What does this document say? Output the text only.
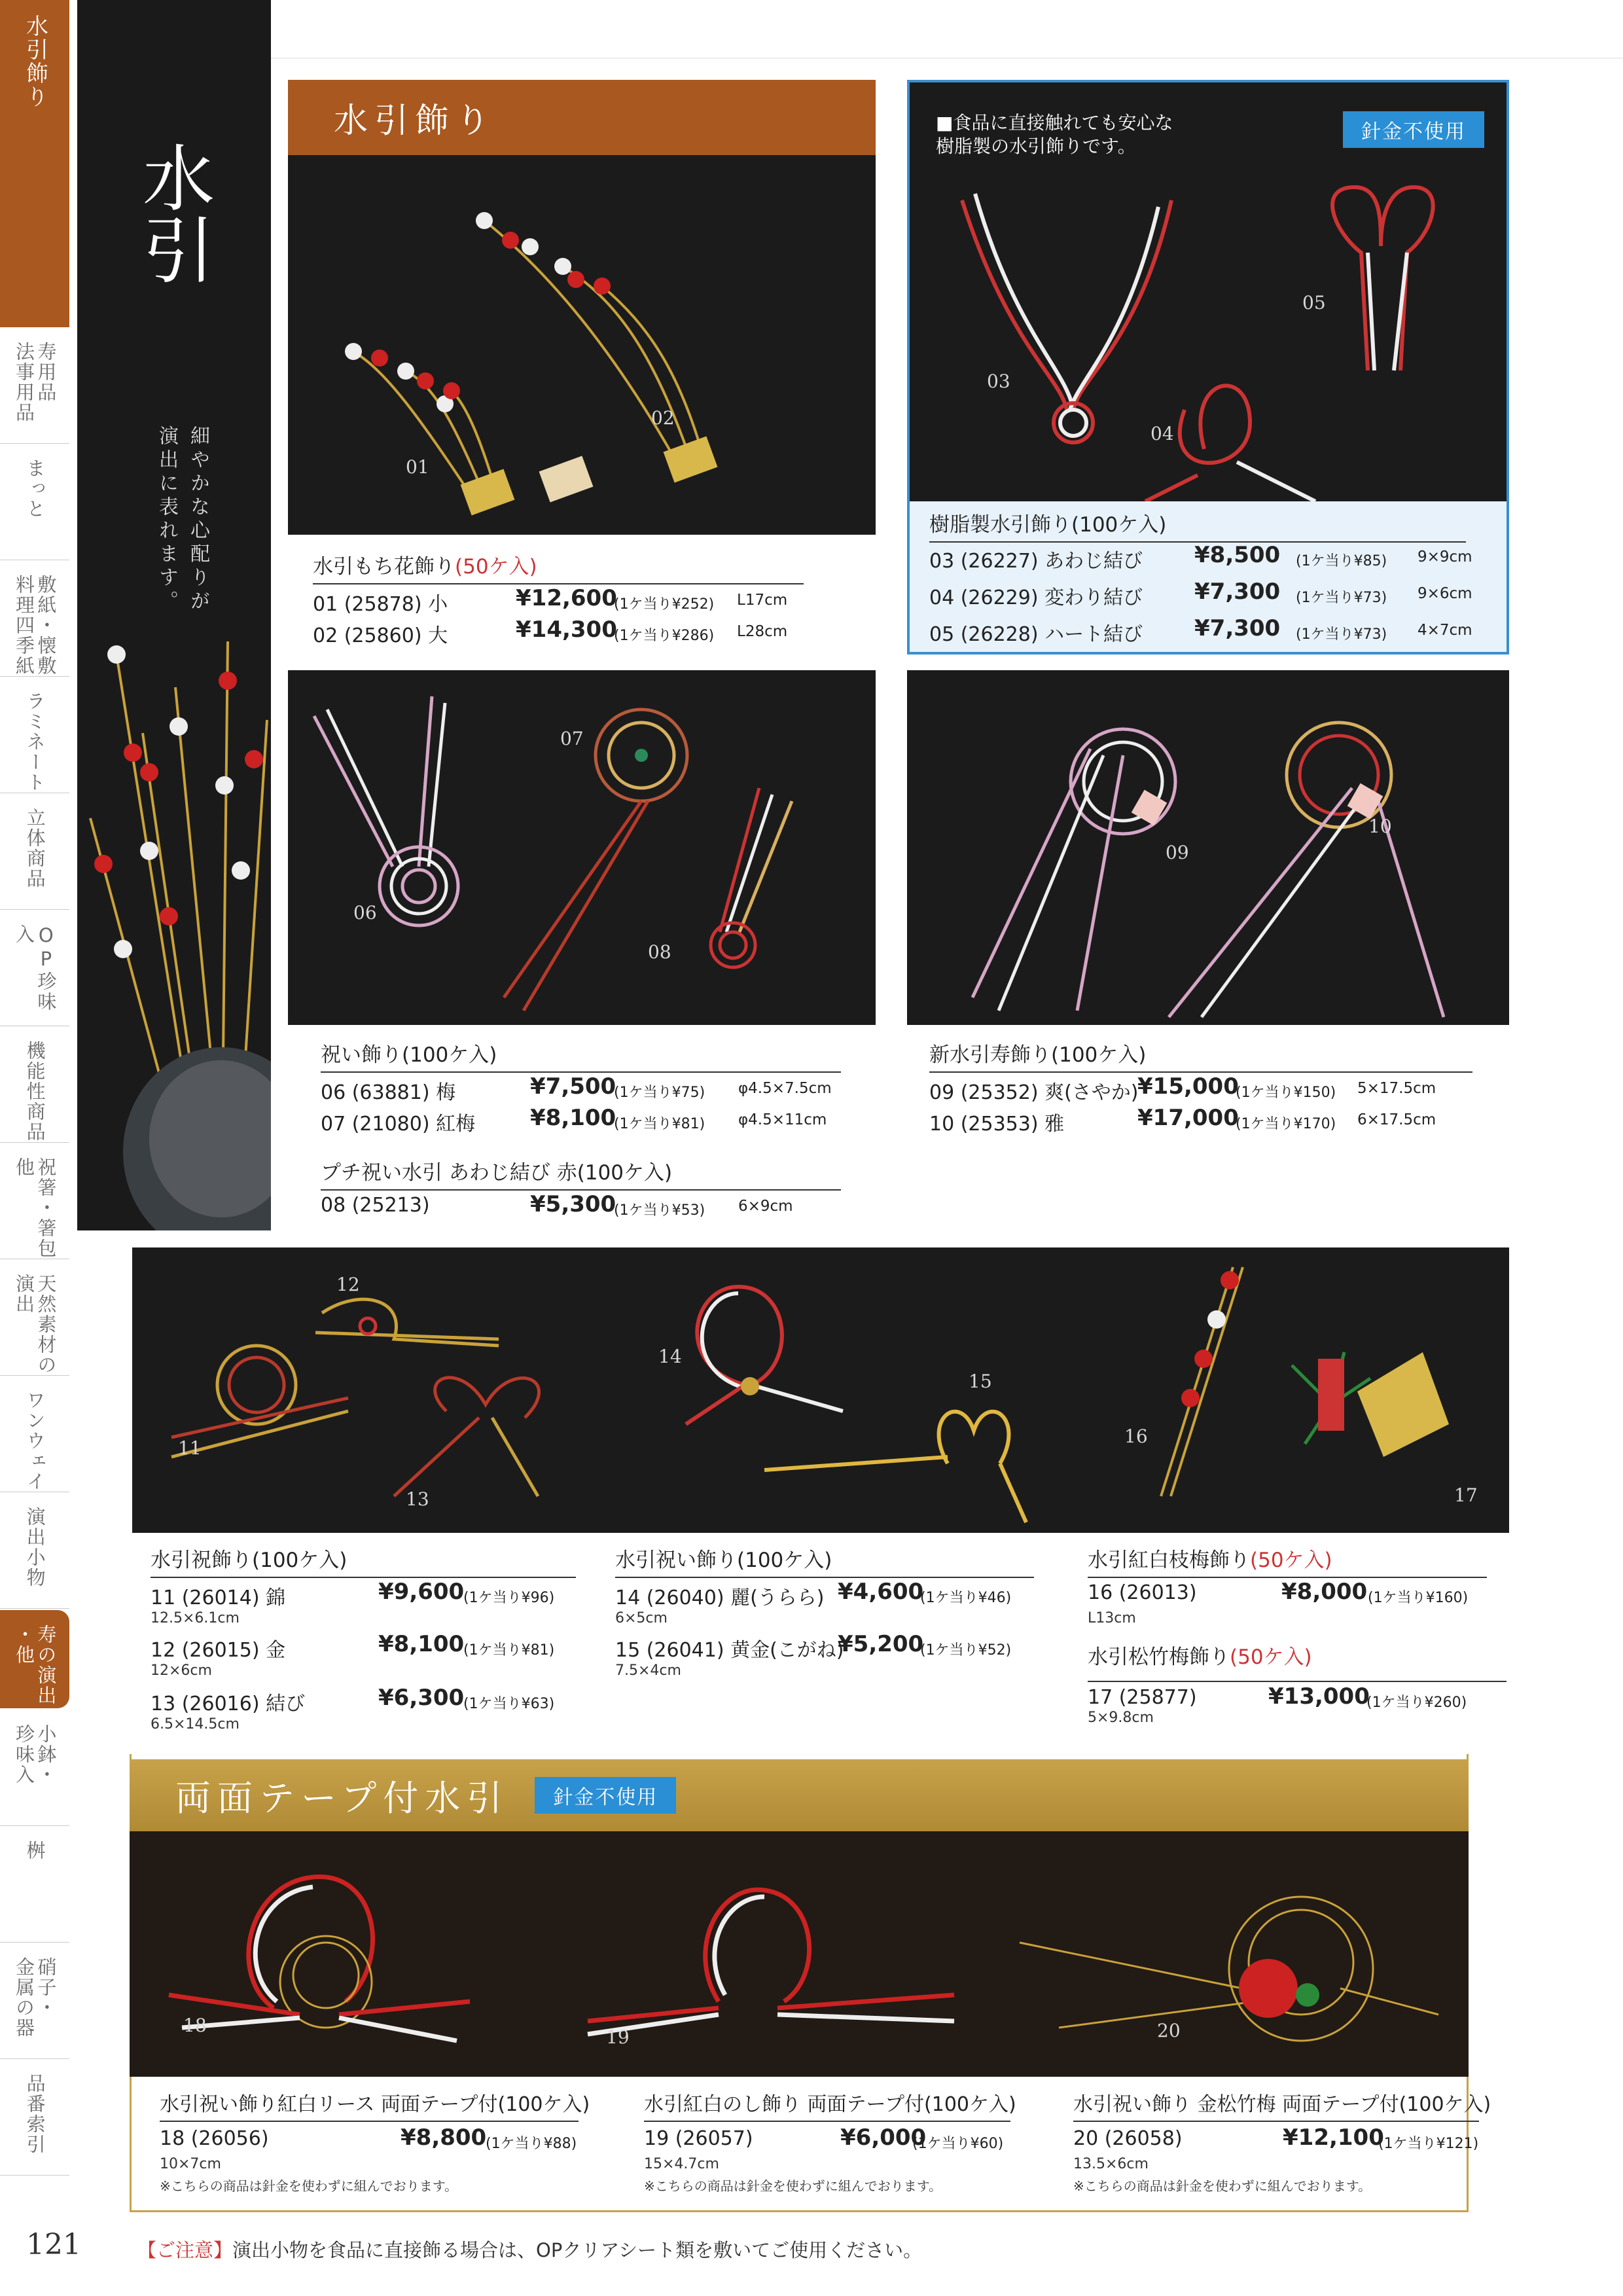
水引飾り
寿用品 法事用品
まっと
敷紙・懐敷 料理四季紙
ラミネート
立体商品
OP珍味入
機能性商品
祝箸・箸包 他
天然素材の 演出
ワンウェイ
演出小物
寿の演出 ・他
小鉢・ 珍味入
桝
硝子・ 金属の器
品番索引
水引
細やかな心配りが演出に表れます。
水引飾り
01
02
水引もち花飾り(50ケ入)
01 (25878) 小	¥12,600
(1ケ当り¥252) L17cm
02 (25860) 大	¥14,300
(1ケ当り¥286) L28cm
03
04
05
■食品に直接触れても安心な
樹脂製の水引飾りです。
針金不使用
樹脂製水引飾り(100ケ入)
03 (26227) あわじ結び ¥8,500 (1ケ当り¥85) 9×9cm
04 (26229) 変わり結び ¥7,300 (1ケ当り¥73) 9×6cm
05 (26228) ハート結び ¥7,300 (1ケ当り¥73) 4×7cm
06
07
08
09
10
祝い飾り(100ケ入)
06 (63881) 梅	¥7,500
(1ケ当り¥75) φ4.5×7.5cm
07 (21080) 紅梅 ¥8,100
(1ケ当り¥81) φ4.5×11cm
プチ祝い水引 あわじ結び 赤(100ケ入)
08 (25213)	¥5,300
(1ケ当り¥53) 6×9cm
新水引寿飾り(100ケ入)
09 (25352) 爽(さやか)
¥15,000
(1ケ当り¥150) 5×17.5cm
10 (25353) 雅	¥17,000
(1ケ当り¥170) 6×17.5cm
12
11
13
14
15
16
17
水引祝飾り(100ケ入)
11 (26014) 錦	¥9,600
(1ケ当り¥96)
12.5×6.1cm
12 (26015) 金	¥8,100
(1ケ当り¥81)
12×6cm
13 (26016) 結び	¥6,300
(1ケ当り¥63)
6.5×14.5cm
水引祝い飾り(100ケ入)
14 (26040) 麗(うらら) ¥4,600
(1ケ当り¥46)
6×5cm
15 (26041) 黄金(こがね)
¥5,200
(1ケ当り¥52)
7.5×4cm
水引紅白枝梅飾り(50ケ入)
16 (26013)	¥8,000 (1ケ当り¥160)
L13cm
水引松竹梅飾り(50ケ入)
17 (25877)	¥13,000
(1ケ当り¥260)
5×9.8cm
両面テープ付水引	針金不使用
18
19	20
水引祝い飾り紅白リース 両面テープ付(100ケ入)
18 (26056)	¥8,800
(1ケ当り¥88)
10×7cm
※こちらの商品は針金を使わずに組んでおります。
水引紅白のし飾り 両面テープ付(100ケ入)
19 (26057)	¥6,000
(1ケ当り¥60)
15×4.7cm
※こちらの商品は針金を使わずに組んでおります。
水引祝い飾り 金松竹梅 両面テープ付(100ケ入)
20 (26058)	¥12,100
(1ケ当り¥121)
13.5×6cm
※こちらの商品は針金を使わずに組んでおります。
121	【ご注意】演出小物を食品に直接飾る場合は、OPクリアシート類を敷いてご使用ください。
